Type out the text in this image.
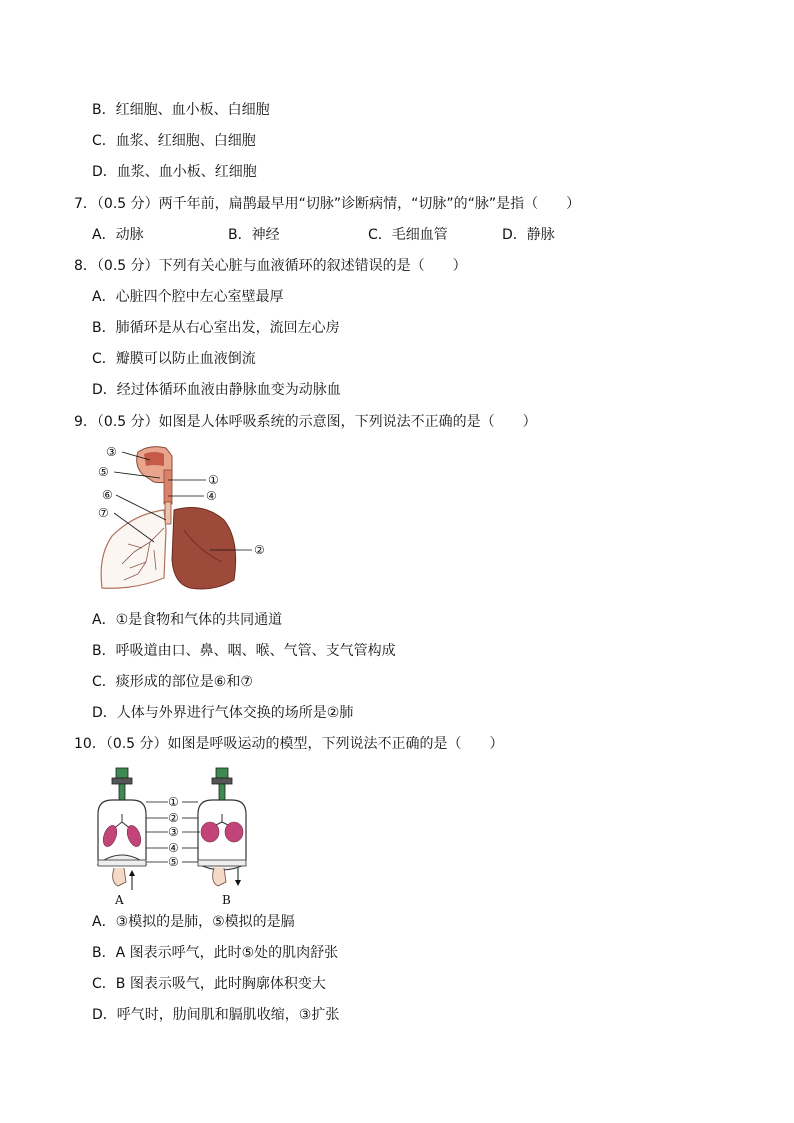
B．红细胞、血小板、白细胞
C．血浆、红细胞、白细胞
D．血浆、血小板、红细胞
7．（0.5 分）两千年前，扁鹊最早用“切脉”诊断病情，“切脉”的“脉”是指（　　）
A．动脉	B．神经	C．毛细血管	D．静脉
8．（0.5 分）下列有关心脏与血液循环的叙述错误的是（　　）
A．心脏四个腔中左心室壁最厚
B．肺循环是从右心室出发，流回左心房
C．瓣膜可以防止血液倒流
D．经过体循环血液由静脉血变为动脉血
9．（0.5 分）如图是人体呼吸系统的示意图，下列说法不正确的是（　　）
③
⑤
①
④
⑥
⑦
②
A．①是食物和气体的共同通道
B．呼吸道由口、鼻、咽、喉、气管、支气管构成
C．痰形成的部位是⑥和⑦
D．人体与外界进行气体交换的场所是②肺
10．（0.5 分）如图是呼吸运动的模型，下列说法不正确的是（　　）
①
②
③
④
⑤
A	B
A．③模拟的是肺，⑤模拟的是膈
B．A 图表示呼气，此时⑤处的肌肉舒张
C．B 图表示吸气，此时胸廓体积变大
D．呼气时，肋间肌和膈肌收缩，③扩张
